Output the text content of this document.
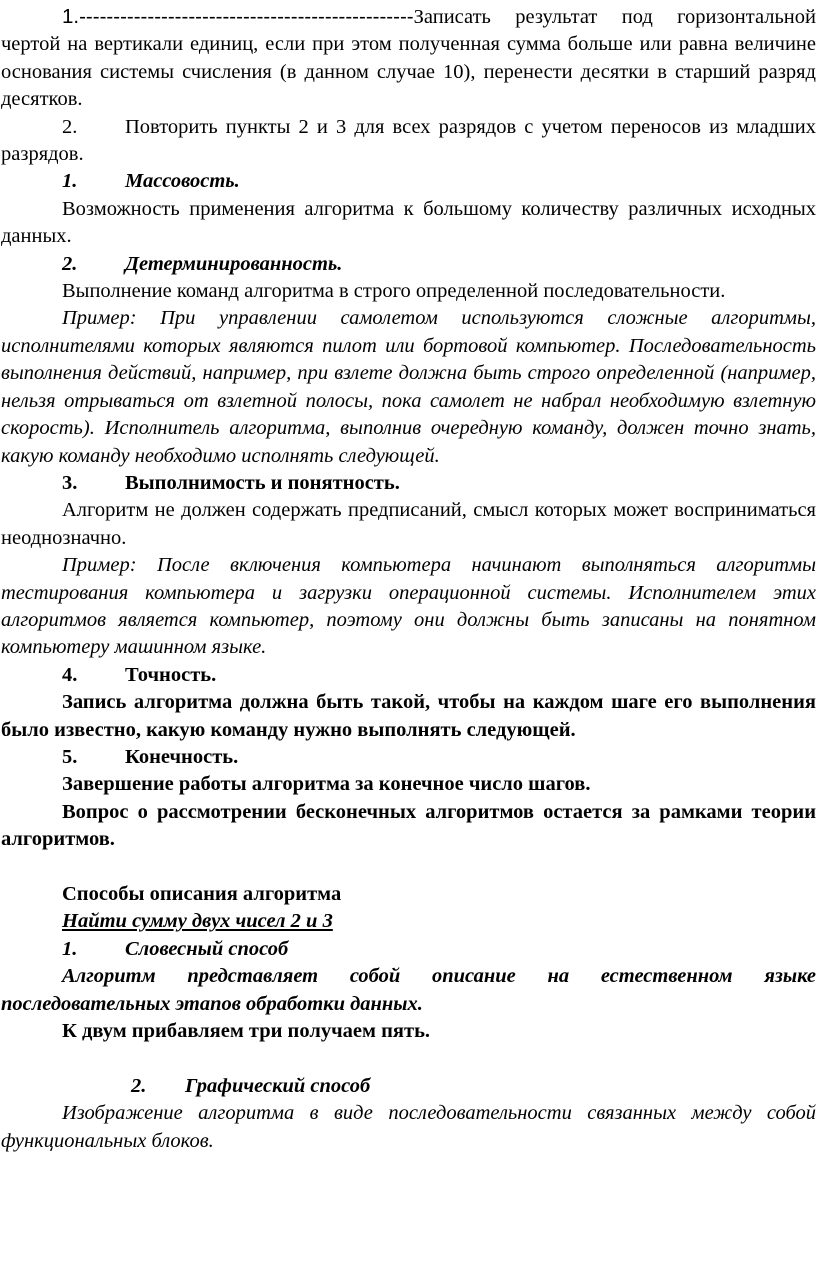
1.-------------------------------------------------Записать результат под горизонтальной чертой на вертикали единиц, если при этом полученная сумма больше или равна величине основания системы счисления (в данном случае 10), перенести десятки в старший разряд десятков.

2. Повторить пункты 2 и 3 для всех разрядов с учетом переносов из младших разрядов.

1. Массовость.

Возможность применения алгоритма к большому количеству различных исходных данных.

2. Детерминированность.

Выполнение команд алгоритма в строго определенной последовательности.

Пример: При управлении самолетом используются сложные алгоритмы, исполнителями которых являются пилот или бортовой компьютер. Последовательность выполнения действий, например, при взлете должна быть строго определенной (например, нельзя отрываться от взлетной полосы, пока самолет не набрал необходимую взлетную скорость). Исполнитель алгоритма, выполнив очередную команду, должен точно знать, какую команду необходимо исполнять следующей.

3. Выполнимость и понятность.

Алгоритм не должен содержать предписаний, смысл которых может восприниматься неоднозначно.

Пример: После включения компьютера начинают выполняться алгоритмы тестирования компьютера и загрузки операционной системы. Исполнителем этих алгоритмов является компьютер, поэтому они должны быть записаны на понятном компьютеру машинном языке.

4. Точность.

Запись алгоритма должна быть такой, чтобы на каждом шаге его выполнения было известно, какую команду нужно выполнять следующей.

5. Конечность.

Завершение работы алгоритма за конечное число шагов.

Вопрос о рассмотрении бесконечных алгоритмов остается за рамками теории алгоритмов.

Способы описания алгоритма

Найти сумму двух чисел 2 и 3

1. Словесный способ

Алгоритм представляет собой описание на естественном языке последовательных этапов обработки данных.

К двум прибавляем три получаем пять.

2. Графический способ

Изображение алгоритма в виде последовательности связанных между собой функциональных блоков.
